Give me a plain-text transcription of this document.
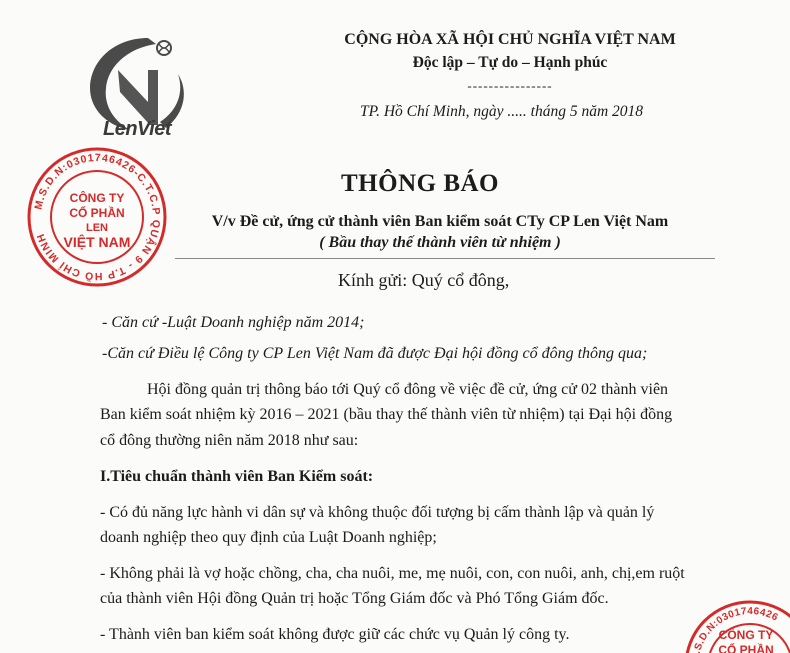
LenViet
CỘNG HÒA XÃ HỘI CHỦ NGHĨA VIỆT NAM
Độc lập – Tự do – Hạnh phúc
----------------
TP. Hồ Chí Minh, ngày ..... tháng 5 năm 2018
M.S.D.N:0301746426-C.T.C.P QUẬN 9 - T.P HỒ CHÍ MINH
CÔNG TY
CỔ PHẦN
LEN
VIỆT NAM
.S.D.N:0301746426
CÔNG TY
CỔ PHẦN
THÔNG BÁO
V/v Đề cử, ứng cử thành viên Ban kiểm soát CTy CP Len Việt Nam
( Bầu thay thế thành viên từ nhiệm )
Kính gửi: Quý cổ đông,
- Căn cứ -Luật Doanh nghiệp năm 2014;
-Căn cứ Điều lệ Công ty CP Len Việt Nam đã được Đại hội đồng cổ đông thông qua;
Hội đồng quản trị thông báo tới Quý cổ đông về việc đề cử, ứng cử 02 thành viên
Ban kiểm soát nhiệm kỳ 2016 – 2021 (bầu thay thế thành viên từ nhiệm) tại Đại hội đồng
cổ đông thường niên năm 2018 như sau:
I.Tiêu chuẩn thành viên Ban Kiểm soát:
- Có đủ năng lực hành vi dân sự và không thuộc đối tượng bị cấm thành lập và quản lý
doanh nghiệp theo quy định của Luật Doanh nghiệp;
- Không phải là vợ hoặc chồng, cha, cha nuôi, me, mẹ nuôi, con, con nuôi, anh, chị,em ruột
của thành viên Hội đồng Quản trị hoặc Tổng Giám đốc và Phó Tổng Giám đốc.
- Thành viên ban kiểm soát không được giữ các chức vụ Quản lý công ty.
